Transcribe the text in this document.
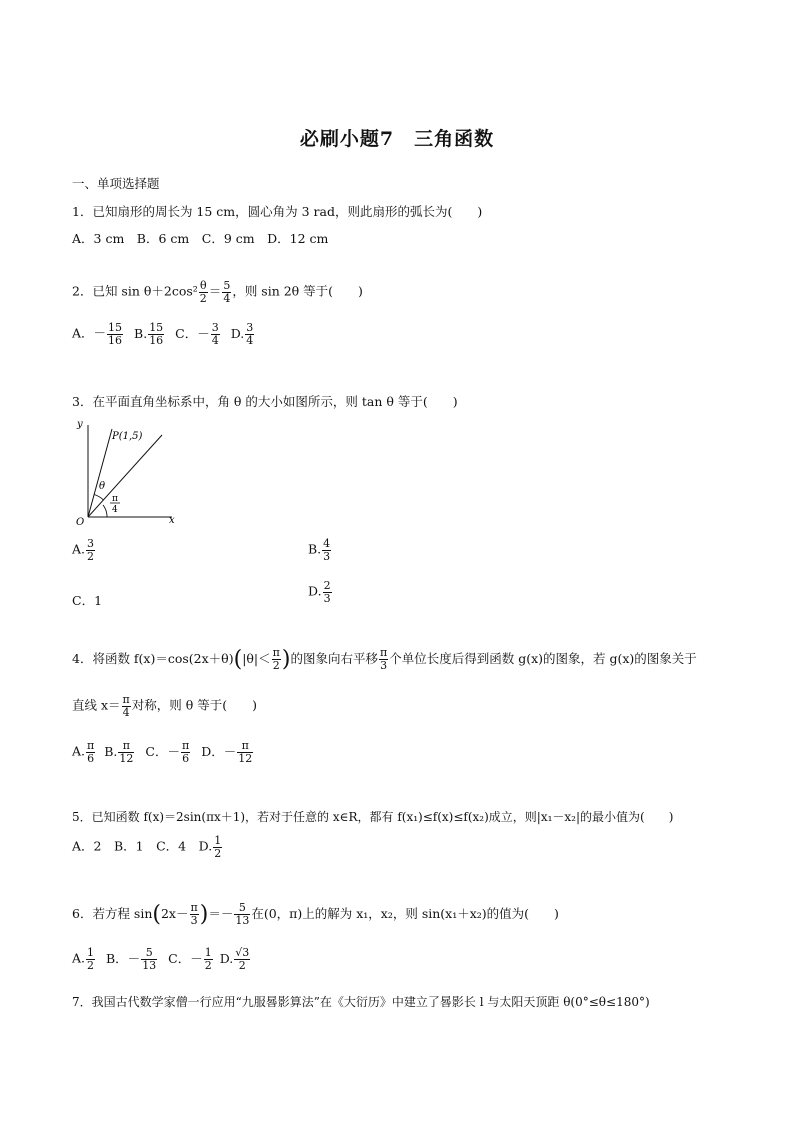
必刷小题7　三角函数
一、单项选择题
1．已知扇形的周长为 15 cm，圆心角为 3 rad，则此扇形的弧长为(　　)
A．3 cm　B．6 cm　C．9 cm　D．12 cm
2．已知 $\sin \theta+2\cos^2 \frac{\theta}{2} = \frac{5}{4}$ ，则 sin 2θ 等于(　　)
A．－ $\frac{15}{16} B$. $\frac{15}{16}$ C．－ $\frac{3}{4} D$. $\frac{3}{4}$
3．在平面直角坐标系中，角 θ 的大小如图所示，则 tan θ 等于(　　)
y
x
O
P(1,5)
θ
π
4
A. $\frac{3}{2}$	B. $\frac{4}{3}$
C．1
D. $\frac{2}{3}$
4．将函数 $f(x)=\cos(2x+\theta)(|\theta|< \frac{\pi}{2}$ )的图象向右平移 $\frac{\pi}{3}$ 个单位长度后得到函数 g(x)的图象，若 g(x)的图象关于
直线 $x= \frac{\pi}{4}$ 对称，则 θ 等于(　　)
A. $\frac{\pi}{6} B$. $\frac{\pi}{12}$ C．－ $\frac{\pi}{6}$ D．－ $\frac{\pi}{12}$
5．已知函数 f(x)＝2sin(πx＋1)，若对于任意的 x∈R，都有 f(x₁)≤f(x)≤f(x₂)成立，则|x₁－x₂|的最小值为(　　)
A．2　B．1　C．4　D. $\frac{1}{2}$
6．若方程 $\sin(2x- \frac{\pi}{3}$ )＝－ $\frac{5}{13}$ 在(0，π)上的解为 x₁，x₂，则 sin(x₁＋x₂)的值为(　　)
A. $\frac{1}{2}$ B．－ $\frac{5}{13}$ C．－ $\frac{1}{2} D$. $\frac{√3}{2}$
7．我国古代数学家僧一行应用“九服晷影算法”在《大衍历》中建立了晷影长 l 与太阳天顶距 θ(0°≤θ≤180°)
